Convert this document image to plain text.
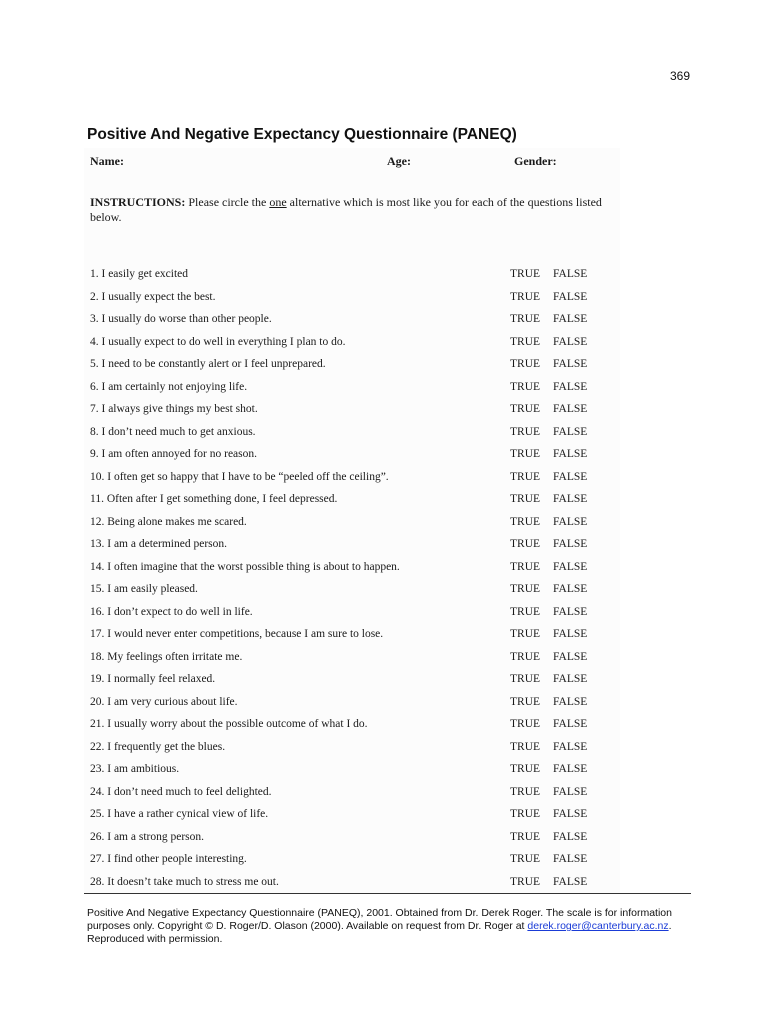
369
Positive And Negative Expectancy Questionnaire (PANEQ)
Name:	Age:	Gender:
INSTRUCTIONS: Please circle the one alternative which is most like you for each of the questions listed below.
1. I easily get excited	TRUE FALSE
2. I usually expect the best.	TRUE FALSE
3. I usually do worse than other people.	TRUE FALSE
4. I usually expect to do well in everything I plan to do.	TRUE FALSE
5. I need to be constantly alert or I feel unprepared.	TRUE FALSE
6. I am certainly not enjoying life.	TRUE FALSE
7. I always give things my best shot.	TRUE FALSE
8. I don’t need much to get anxious.	TRUE FALSE
9. I am often annoyed for no reason.	TRUE FALSE
10. I often get so happy that I have to be “peeled off the ceiling”.	TRUE FALSE
11. Often after I get something done, I feel depressed.	TRUE FALSE
12. Being alone makes me scared.	TRUE FALSE
13. I am a determined person.	TRUE FALSE
14. I often imagine that the worst possible thing is about to happen.	TRUE FALSE
15. I am easily pleased.	TRUE FALSE
16. I don’t expect to do well in life.	TRUE FALSE
17. I would never enter competitions, because I am sure to lose.	TRUE FALSE
18. My feelings often irritate me.	TRUE FALSE
19. I normally feel relaxed.	TRUE FALSE
20. I am very curious about life.	TRUE FALSE
21. I usually worry about the possible outcome of what I do.	TRUE FALSE
22. I frequently get the blues.	TRUE FALSE
23. I am ambitious.	TRUE FALSE
24. I don’t need much to feel delighted.	TRUE FALSE
25. I have a rather cynical view of life.	TRUE FALSE
26. I am a strong person.	TRUE FALSE
27. I find other people interesting.	TRUE FALSE
28. It doesn’t take much to stress me out.	TRUE FALSE

Positive And Negative Expectancy Questionnaire (PANEQ), 2001. Obtained from Dr. Derek Roger. The scale is for information purposes only. Copyright © D. Roger/D. Olason (2000). Available on request from Dr. Roger at derek.roger@canterbury.ac.nz. Reproduced with permission.
